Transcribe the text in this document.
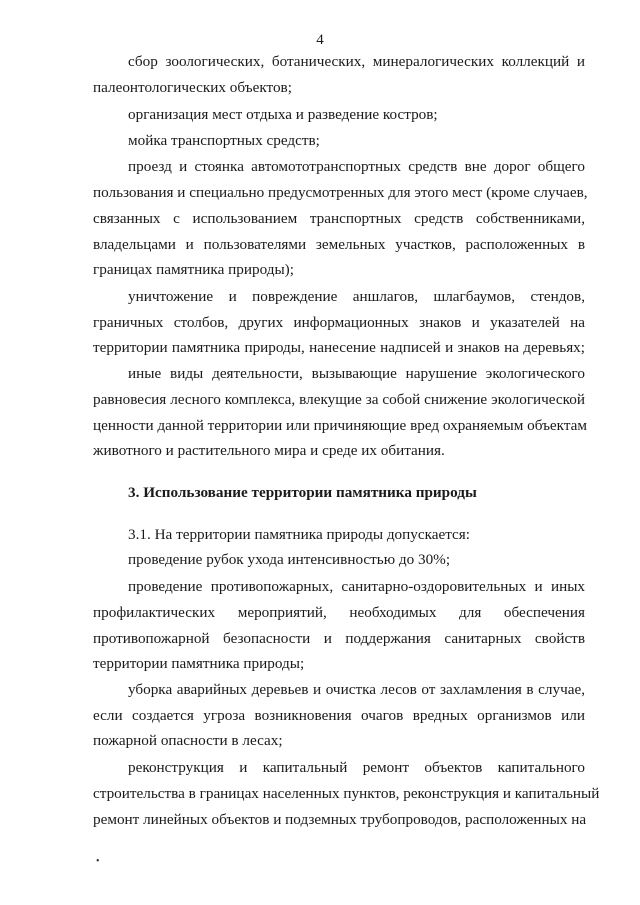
4
сбор зоологических, ботанических, минералогических коллекций и
палеонтологических объектов;
организация мест отдыха и разведение костров;
мойка транспортных средств;
проезд и стоянка автомототранспортных средств вне дорог общего
пользования и специально предусмотренных для этого мест (кроме случаев,
связанных с использованием транспортных средств собственниками,
владельцами и пользователями земельных участков, расположенных в
границах памятника природы);
уничтожение и повреждение аншлагов, шлагбаумов, стендов,
граничных столбов, других информационных знаков и указателей на
территории памятника природы, нанесение надписей и знаков на деревьях;
иные виды деятельности, вызывающие нарушение экологического
равновесия лесного комплекса, влекущие за собой снижение экологической
ценности данной территории или причиняющие вред охраняемым объектам
животного и растительного мира и среде их обитания.
3. Использование территории памятника природы
3.1. На территории памятника природы допускается:
проведение рубок ухода интенсивностью до 30%;
проведение противопожарных, санитарно-оздоровительных и иных
профилактических мероприятий, необходимых для обеспечения
противопожарной безопасности и поддержания санитарных свойств
территории памятника природы;
уборка аварийных деревьев и очистка лесов от захламления в случае,
если создается угроза возникновения очагов вредных организмов или
пожарной опасности в лесах;
реконструкция и капитальный ремонт объектов капитального
строительства в границах населенных пунктов, реконструкция и капитальный
ремонт линейных объектов и подземных трубопроводов, расположенных на
•
